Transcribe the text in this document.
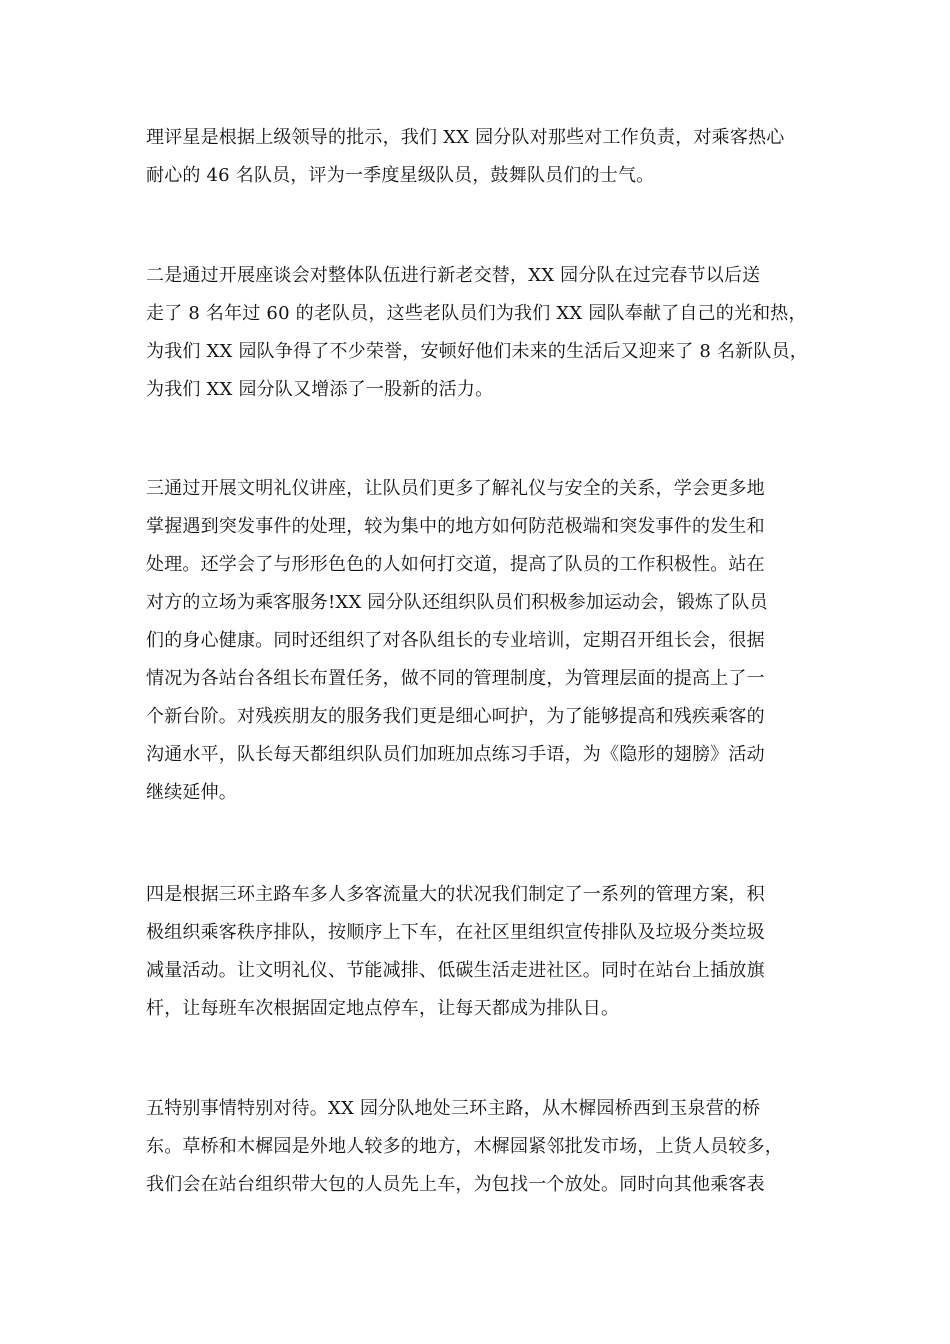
理评星是根据上级领导的批示，我们 XX 园分队对那些对工作负责，对乘客热心
耐心的 46 名队员，评为一季度星级队员，鼓舞队员们的士气。
二是通过开展座谈会对整体队伍进行新老交替，XX 园分队在过完春节以后送
走了 8 名年过 60 的老队员，这些老队员们为我们 XX 园队奉献了自己的光和热，
为我们 XX 园队争得了不少荣誉，安顿好他们未来的生活后又迎来了 8 名新队员，
为我们 XX 园分队又增添了一股新的活力。
三通过开展文明礼仪讲座，让队员们更多了解礼仪与安全的关系，学会更多地
掌握遇到突发事件的处理，较为集中的地方如何防范极端和突发事件的发生和
处理。还学会了与形形色色的人如何打交道，提高了队员的工作积极性。站在
对方的立场为乘客服务!XX 园分队还组织队员们积极参加运动会，锻炼了队员
们的身心健康。同时还组织了对各队组长的专业培训，定期召开组长会，很据
情况为各站台各组长布置任务，做不同的管理制度，为管理层面的提高上了一
个新台阶。对残疾朋友的服务我们更是细心呵护，为了能够提高和残疾乘客的
沟通水平，队长每天都组织队员们加班加点练习手语，为《隐形的翅膀》活动
继续延伸。
四是根据三环主路车多人多客流量大的状况我们制定了一系列的管理方案，积
极组织乘客秩序排队，按顺序上下车，在社区里组织宣传排队及垃圾分类垃圾
减量活动。让文明礼仪、节能减排、低碳生活走进社区。同时在站台上插放旗
杆，让每班车次根据固定地点停车，让每天都成为排队日。
五特别事情特别对待。XX 园分队地处三环主路，从木樨园桥西到玉泉营的桥
东。草桥和木樨园是外地人较多的地方，木樨园紧邻批发市场，上货人员较多，
我们会在站台组织带大包的人员先上车，为包找一个放处。同时向其他乘客表
